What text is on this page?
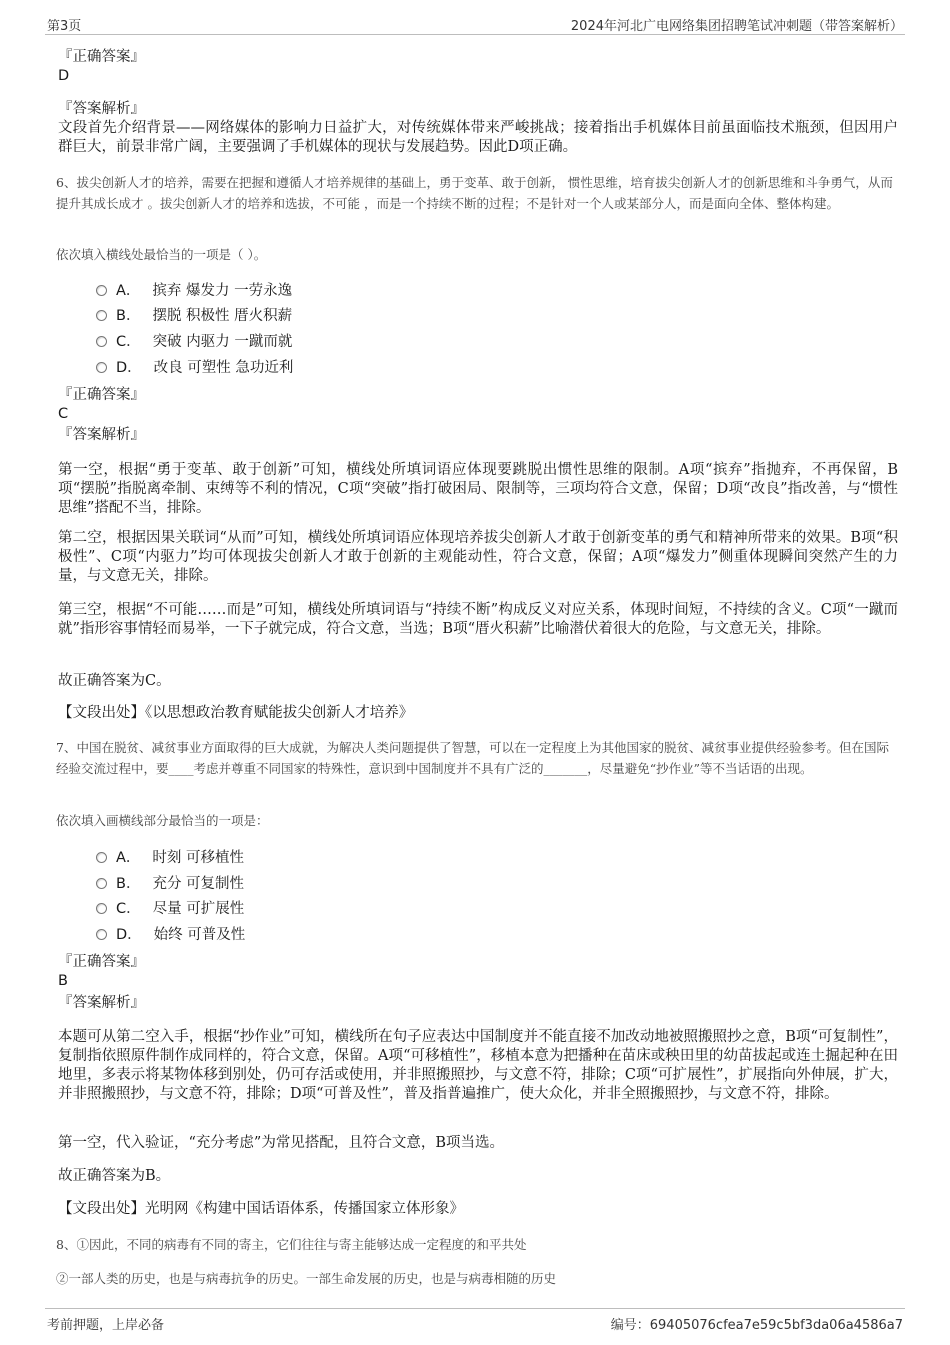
第3页	2024年河北广电网络集团招聘笔试冲刺题（带答案解析）
『正确答案』
D
『答案解析』
文段首先介绍背景——网络媒体的影响力日益扩大，对传统媒体带来严峻挑战；接着指出手机媒体目前虽面临技术瓶颈，但因用户群巨大，前景非常广阔，主要强调了手机媒体的现状与发展趋势。因此D项正确。
6、拔尖创新人才的培养，需要在把握和遵循人才培养规律的基础上，勇于变革、敢于创新， 惯性思维，培育拔尖创新人才的创新思维和斗争勇气，从而提升其成长成才 。拔尖创新人才的培养和选拔，不可能 ，而是一个持续不断的过程；不是针对一个人或某部分人，而是面向全体、整体构建。
依次填入横线处最恰当的一项是（ ）。
A． 摈弃 爆发力 一劳永逸
B． 摆脱 积极性 厝火积薪
C． 突破 内驱力 一蹴而就
D． 改良 可塑性 急功近利
『正确答案』
C
『答案解析』
第一空，根据“勇于变革、敢于创新”可知，横线处所填词语应体现要跳脱出惯性思维的限制。A项“摈弃”指抛弃，不再保留，B项“摆脱”指脱离牵制、束缚等不利的情况，C项“突破”指打破困局、限制等，三项均符合文意，保留；D项“改良”指改善，与“惯性思维”搭配不当，排除。
第二空，根据因果关联词“从而”可知，横线处所填词语应体现培养拔尖创新人才敢于创新变革的勇气和精神所带来的效果。B项“积极性”、C项“内驱力”均可体现拔尖创新人才敢于创新的主观能动性，符合文意，保留；A项“爆发力”侧重体现瞬间突然产生的力量，与文意无关，排除。
第三空，根据“不可能……而是”可知，横线处所填词语与“持续不断”构成反义对应关系，体现时间短，不持续的含义。C项“一蹴而就”指形容事情轻而易举，一下子就完成，符合文意，当选；B项“厝火积薪”比喻潜伏着很大的危险，与文意无关，排除。
故正确答案为C。
【文段出处】《以思想政治教育赋能拔尖创新人才培养》
7、中国在脱贫、减贫事业方面取得的巨大成就，为解决人类问题提供了智慧，可以在一定程度上为其他国家的脱贫、减贫事业提供经验参考。但在国际经验交流过程中，要____考虑并尊重不同国家的特殊性，意识到中国制度并不具有广泛的_______，尽量避免“抄作业”等不当话语的出现。
依次填入画横线部分最恰当的一项是：
A． 时刻 可移植性
B． 充分 可复制性
C． 尽量 可扩展性
D． 始终 可普及性
『正确答案』
B
『答案解析』
本题可从第二空入手，根据“抄作业”可知，横线所在句子应表达中国制度并不能直接不加改动地被照搬照抄之意，B项“可复制性”，复制指依照原件制作成同样的，符合文意，保留。A项“可移植性”，移植本意为把播种在苗床或秧田里的幼苗拔起或连土掘起种在田地里，多表示将某物体移到别处，仍可存活或使用，并非照搬照抄，与文意不符，排除；C项“可扩展性”，扩展指向外伸展，扩大，并非照搬照抄，与文意不符，排除；D项“可普及性”，普及指普遍推广，使大众化，并非全照搬照抄，与文意不符，排除。
第一空，代入验证，“充分考虑”为常见搭配，且符合文意，B项当选。
故正确答案为B。
【文段出处】光明网《构建中国话语体系，传播国家立体形象》
8、①因此，不同的病毒有不同的寄主，它们往往与寄主能够达成一定程度的和平共处
②一部人类的历史，也是与病毒抗争的历史。一部生命发展的历史，也是与病毒相随的历史
考前押题，上岸必备	编号：69405076cfea7e59c5bf3da06a4586a7
